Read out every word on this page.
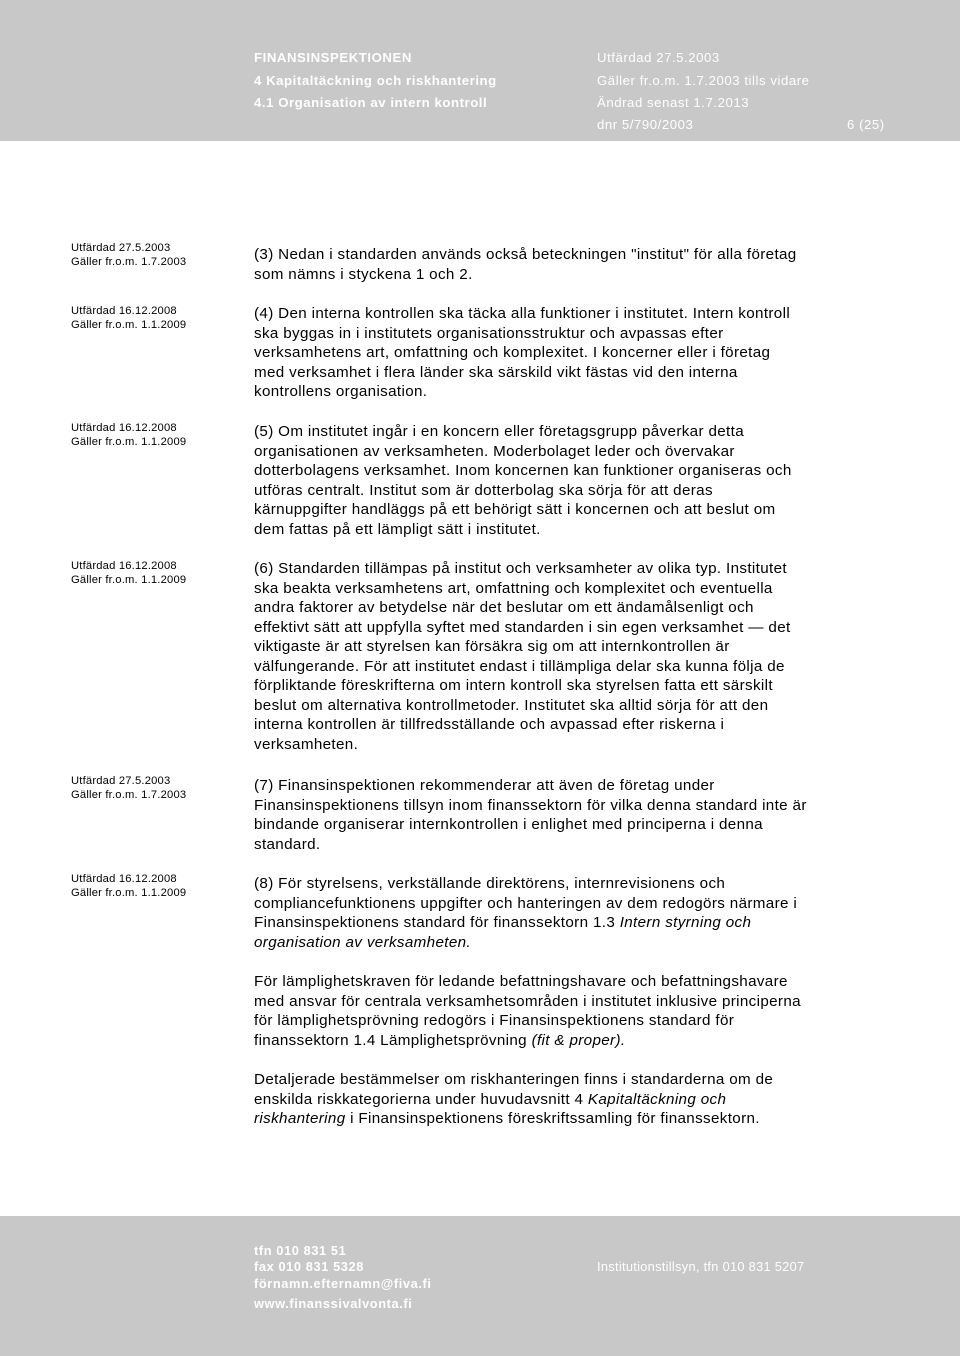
FINANSINSPEKTIONEN
4 Kapitaltäckning och riskhantering
4.1 Organisation av intern kontroll
Utfärdad 27.5.2003
Gäller fr.o.m. 1.7.2003 tills vidare
Ändrad senast 1.7.2013
dnr 5/790/2003	6 (25)
Utfärdad 27.5.2003
Gäller fr.o.m. 1.7.2003
Utfärdad 16.12.2008
Gäller fr.o.m. 1.1.2009
Utfärdad 16.12.2008
Gäller fr.o.m. 1.1.2009
Utfärdad 16.12.2008
Gäller fr.o.m. 1.1.2009
Utfärdad 27.5.2003
Gäller fr.o.m. 1.7.2003
Utfärdad 16.12.2008
Gäller fr.o.m. 1.1.2009
(3) Nedan i standarden används också beteckningen "institut" för alla företag
som nämns i styckena 1 och 2.
(4) Den interna kontrollen ska täcka alla funktioner i institutet. Intern kontroll
ska byggas in i institutets organisationsstruktur och avpassas efter
verksamhetens art, omfattning och komplexitet. I koncerner eller i företag
med verksamhet i flera länder ska särskild vikt fästas vid den interna
kontrollens organisation.
(5) Om institutet ingår i en koncern eller företagsgrupp påverkar detta
organisationen av verksamheten. Moderbolaget leder och övervakar
dotterbolagens verksamhet. Inom koncernen kan funktioner organiseras och
utföras centralt. Institut som är dotterbolag ska sörja för att deras
kärnuppgifter handläggs på ett behörigt sätt i koncernen och att beslut om
dem fattas på ett lämpligt sätt i institutet.
(6) Standarden tillämpas på institut och verksamheter av olika typ. Institutet
ska beakta verksamhetens art, omfattning och komplexitet och eventuella
andra faktorer av betydelse när det beslutar om ett ändamålsenligt och
effektivt sätt att uppfylla syftet med standarden i sin egen verksamhet — det
viktigaste är att styrelsen kan försäkra sig om att internkontrollen är
välfungerande. För att institutet endast i tillämpliga delar ska kunna följa de
förpliktande föreskrifterna om intern kontroll ska styrelsen fatta ett särskilt
beslut om alternativa kontrollmetoder. Institutet ska alltid sörja för att den
interna kontrollen är tillfredsställande och avpassad efter riskerna i
verksamheten.
(7) Finansinspektionen rekommenderar att även de företag under
Finansinspektionens tillsyn inom finanssektorn för vilka denna standard inte är
bindande organiserar internkontrollen i enlighet med principerna i denna
standard.
(8) För styrelsens, verkställande direktörens, internrevisionens och
compliancefunktionens uppgifter och hanteringen av dem redogörs närmare i
Finansinspektionens standard för finanssektorn 1.3 Intern styrning och
organisation av verksamheten.
För lämplighetskraven för ledande befattningshavare och befattningshavare
med ansvar för centrala verksamhetsområden i institutet inklusive principerna
för lämplighetsprövning redogörs i Finansinspektionens standard för
finanssektorn 1.4 Lämplighetsprövning (fit & proper).
Detaljerade bestämmelser om riskhanteringen finns i standarderna om de
enskilda riskkategorierna under huvudavsnitt 4 Kapitaltäckning och
riskhantering i Finansinspektionens föreskriftssamling för finanssektorn.
tfn 010 831 51
fax 010 831 5328
förnamn.efternamn@fiva.fi
www.finanssivalvonta.fi
Institutionstillsyn, tfn 010 831 5207
